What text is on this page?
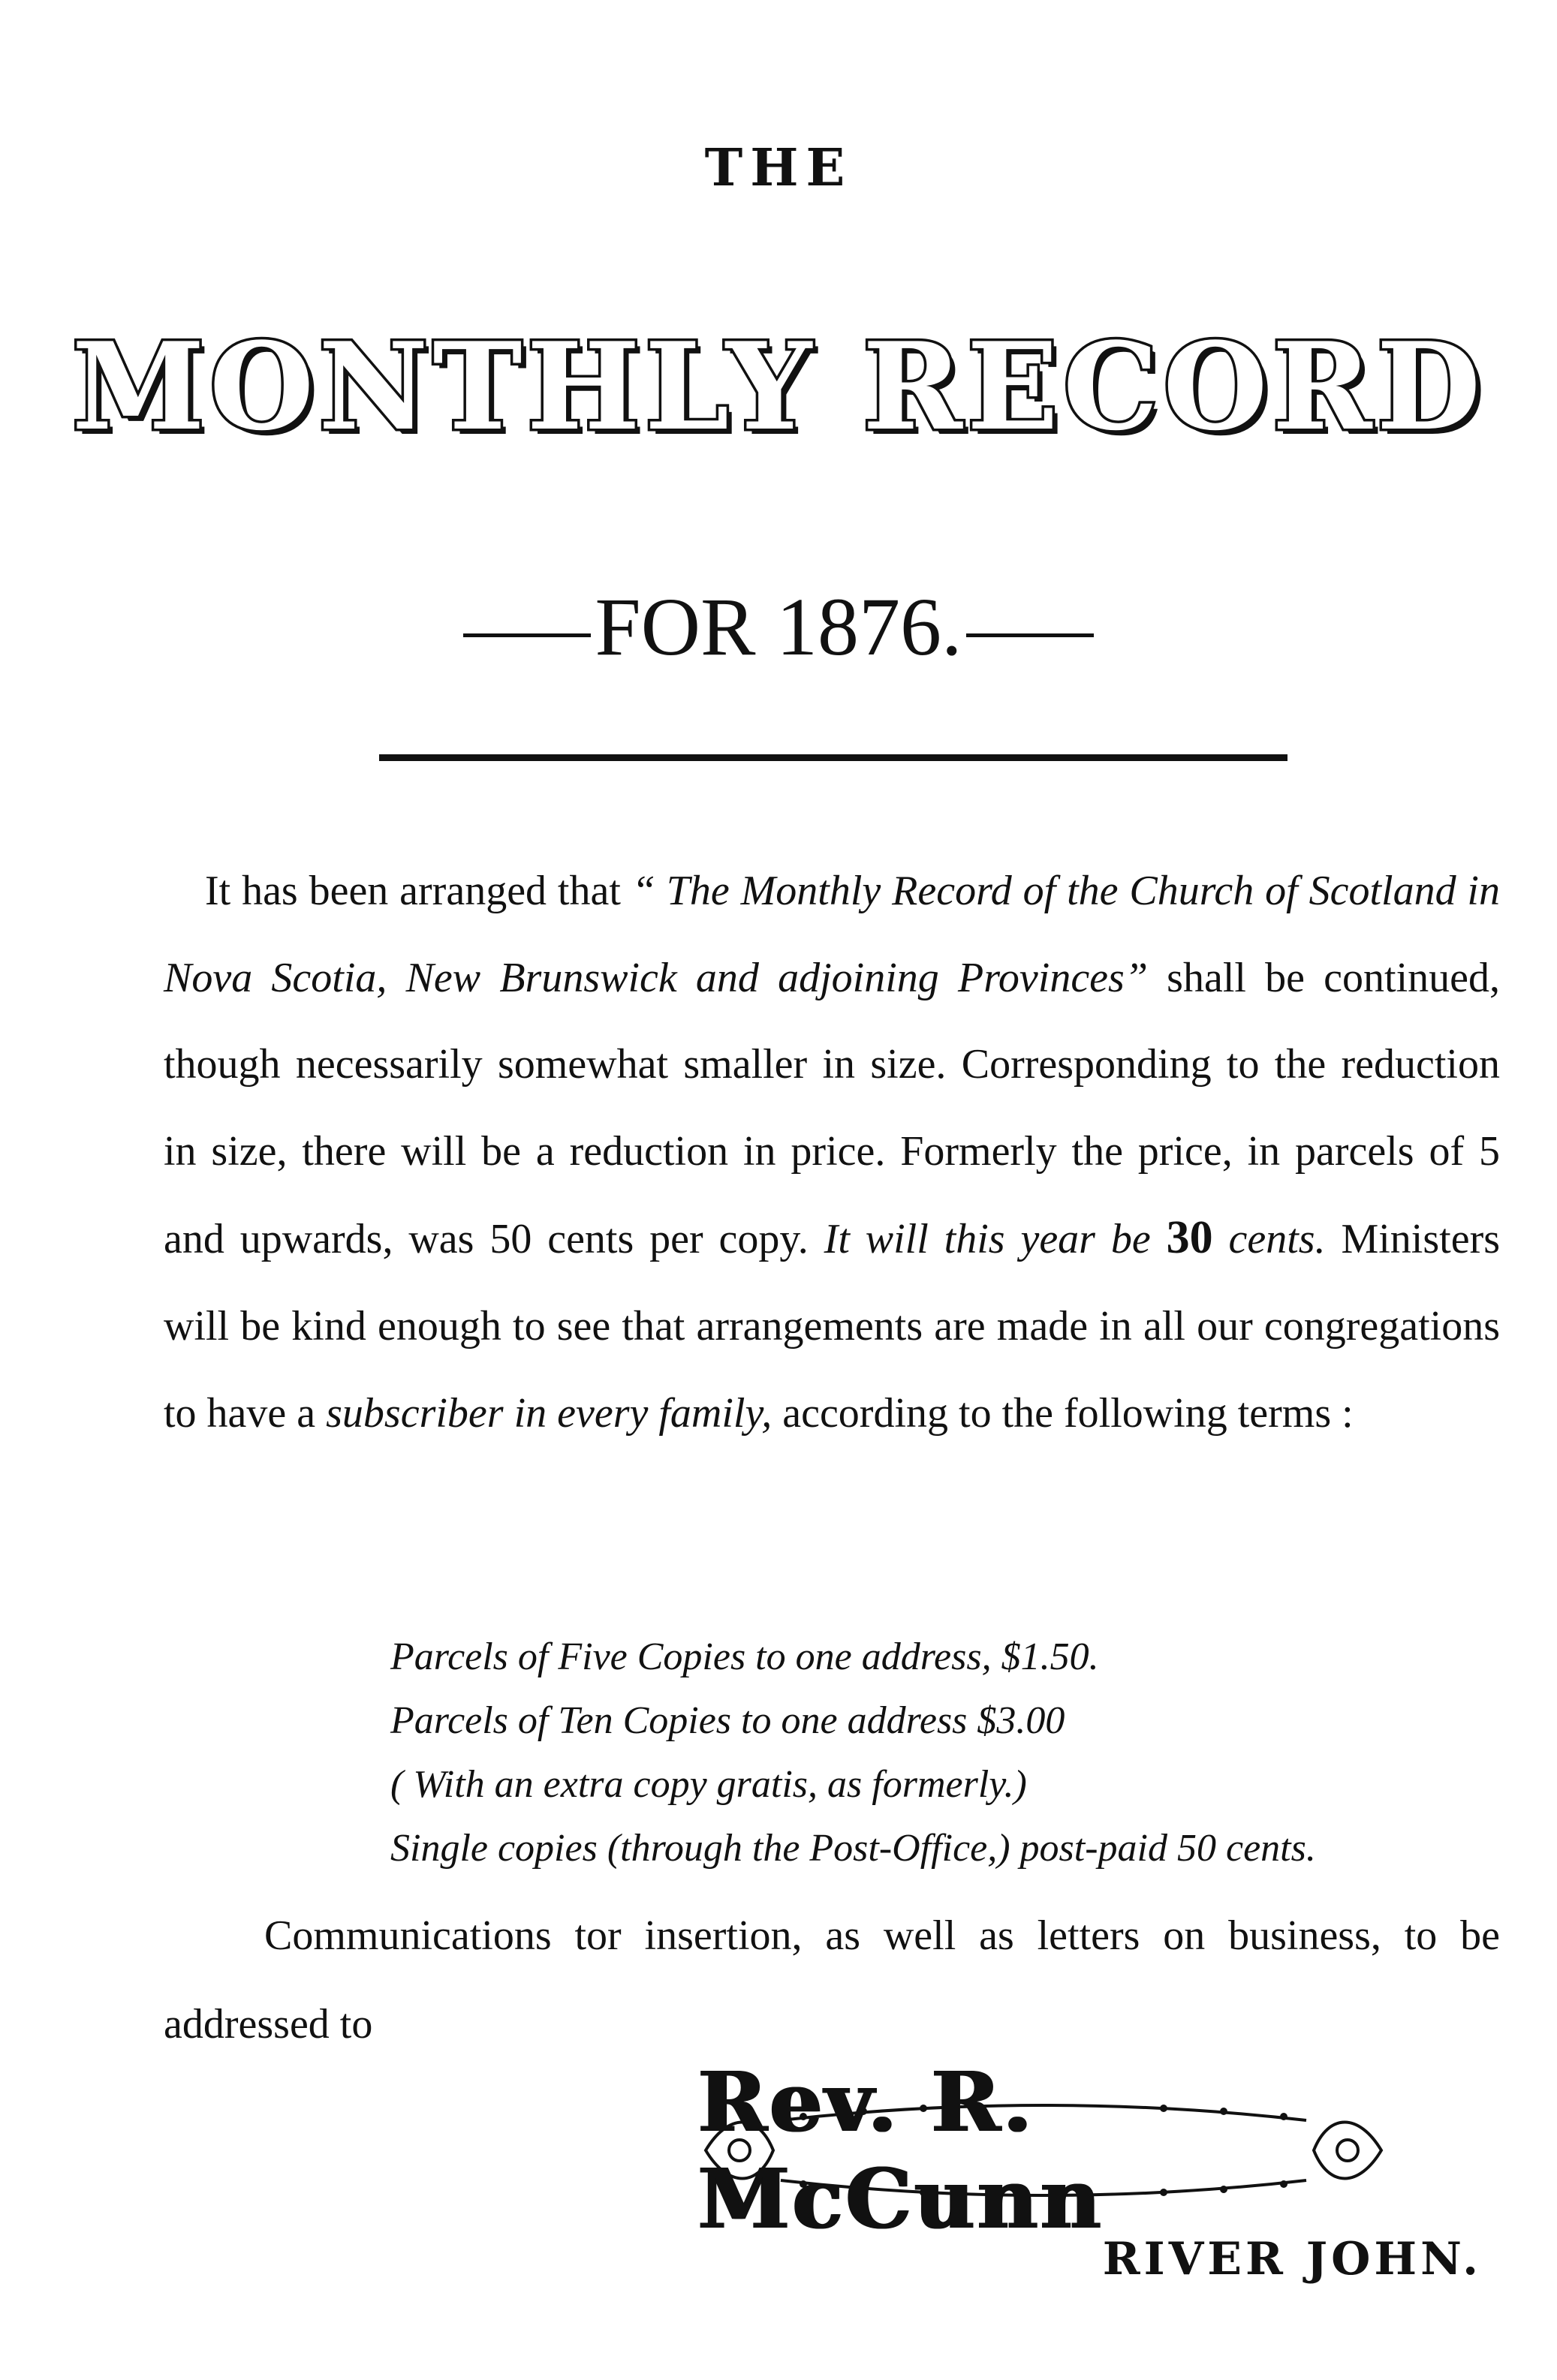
THE
MONTHLY RECORD
FOR 1876.
It has been arranged that “ The Monthly Record of the Church of Scotland in Nova Scotia, New Brunswick and adjoining Provinces” shall be continued, though necessarily somewhat smaller in size. Corresponding to the reduction in size, there will be a reduction in price. Formerly the price, in parcels of 5 and upwards, was 50 cents per copy. It will this year be 30 cents. Ministers will be kind enough to see that arrangements are made in all our congregations to have a subscriber in every family, according to the following terms :
Parcels of Five Copies to one address, $1.50.
Parcels of Ten Copies to one address $3.00
( With an extra copy gratis, as formerly.)
Single copies (through the Post-Office,) post-paid 50 cents.
Communications tor insertion, as well as letters on business, to be addressed to
Rev. R. McCunn
RIVER JOHN.
